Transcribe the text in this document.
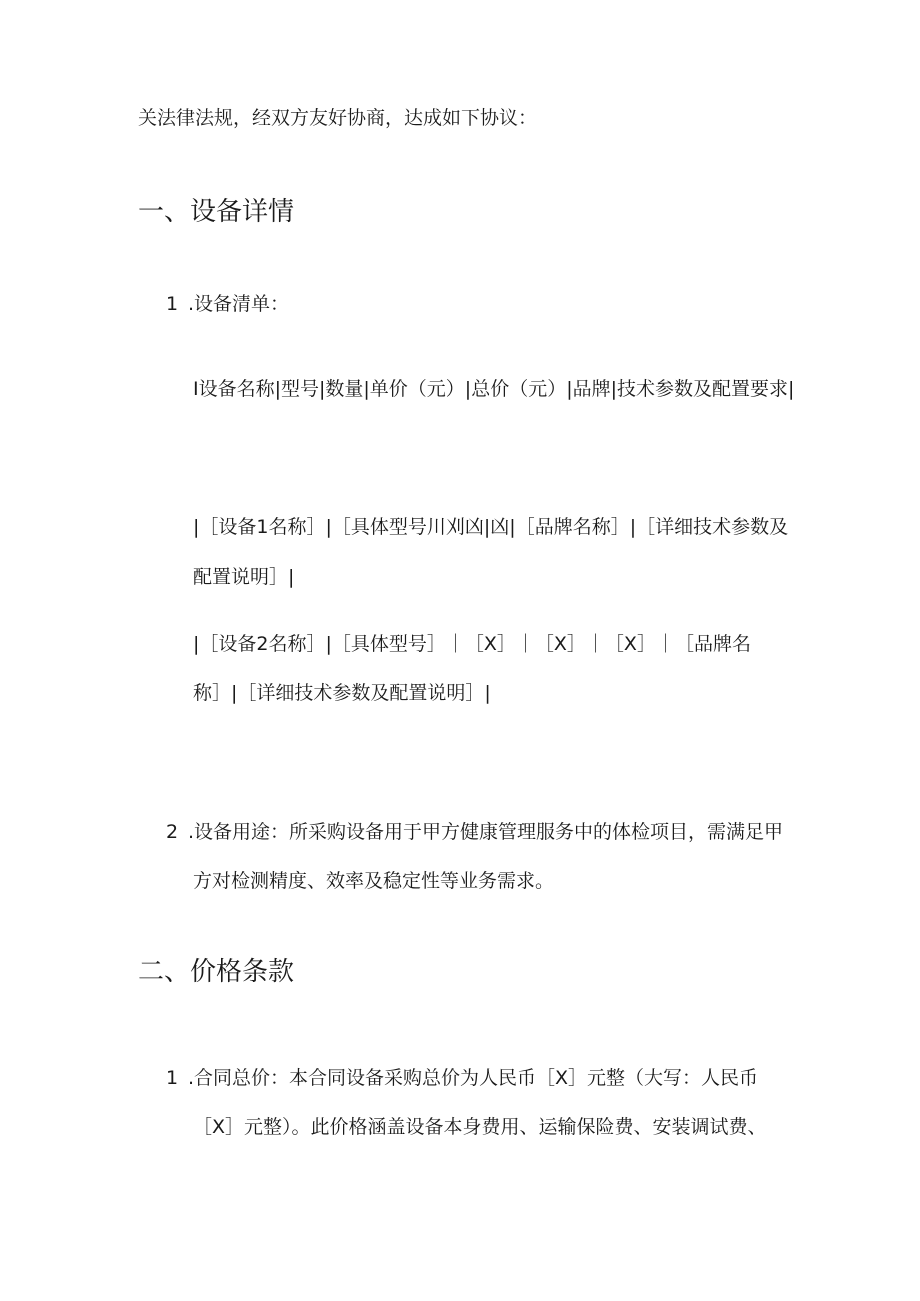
关法律法规，经双方友好协商，达成如下协议：
一、设备详情
1 .设备清单：
I设备名称|型号|数量|单价（元）|总价（元）|品牌|技术参数及配置要求|
|［设备1名称］|［具体型号川刈凶|凶|［品牌名称］|［详细技术参数及
配置说明］|
|［设备2名称］|［具体型号］｜［X］｜［X］｜［X］｜［品牌名
称］|［详细技术参数及配置说明］|
2 .设备用途：所采购设备用于甲方健康管理服务中的体检项目，需满足甲
方对检测精度、效率及稳定性等业务需求。
二、价格条款
1 .合同总价：本合同设备采购总价为人民币［X］元整（大写：人民币
［X］元整）。此价格涵盖设备本身费用、运输保险费、安装调试费、
